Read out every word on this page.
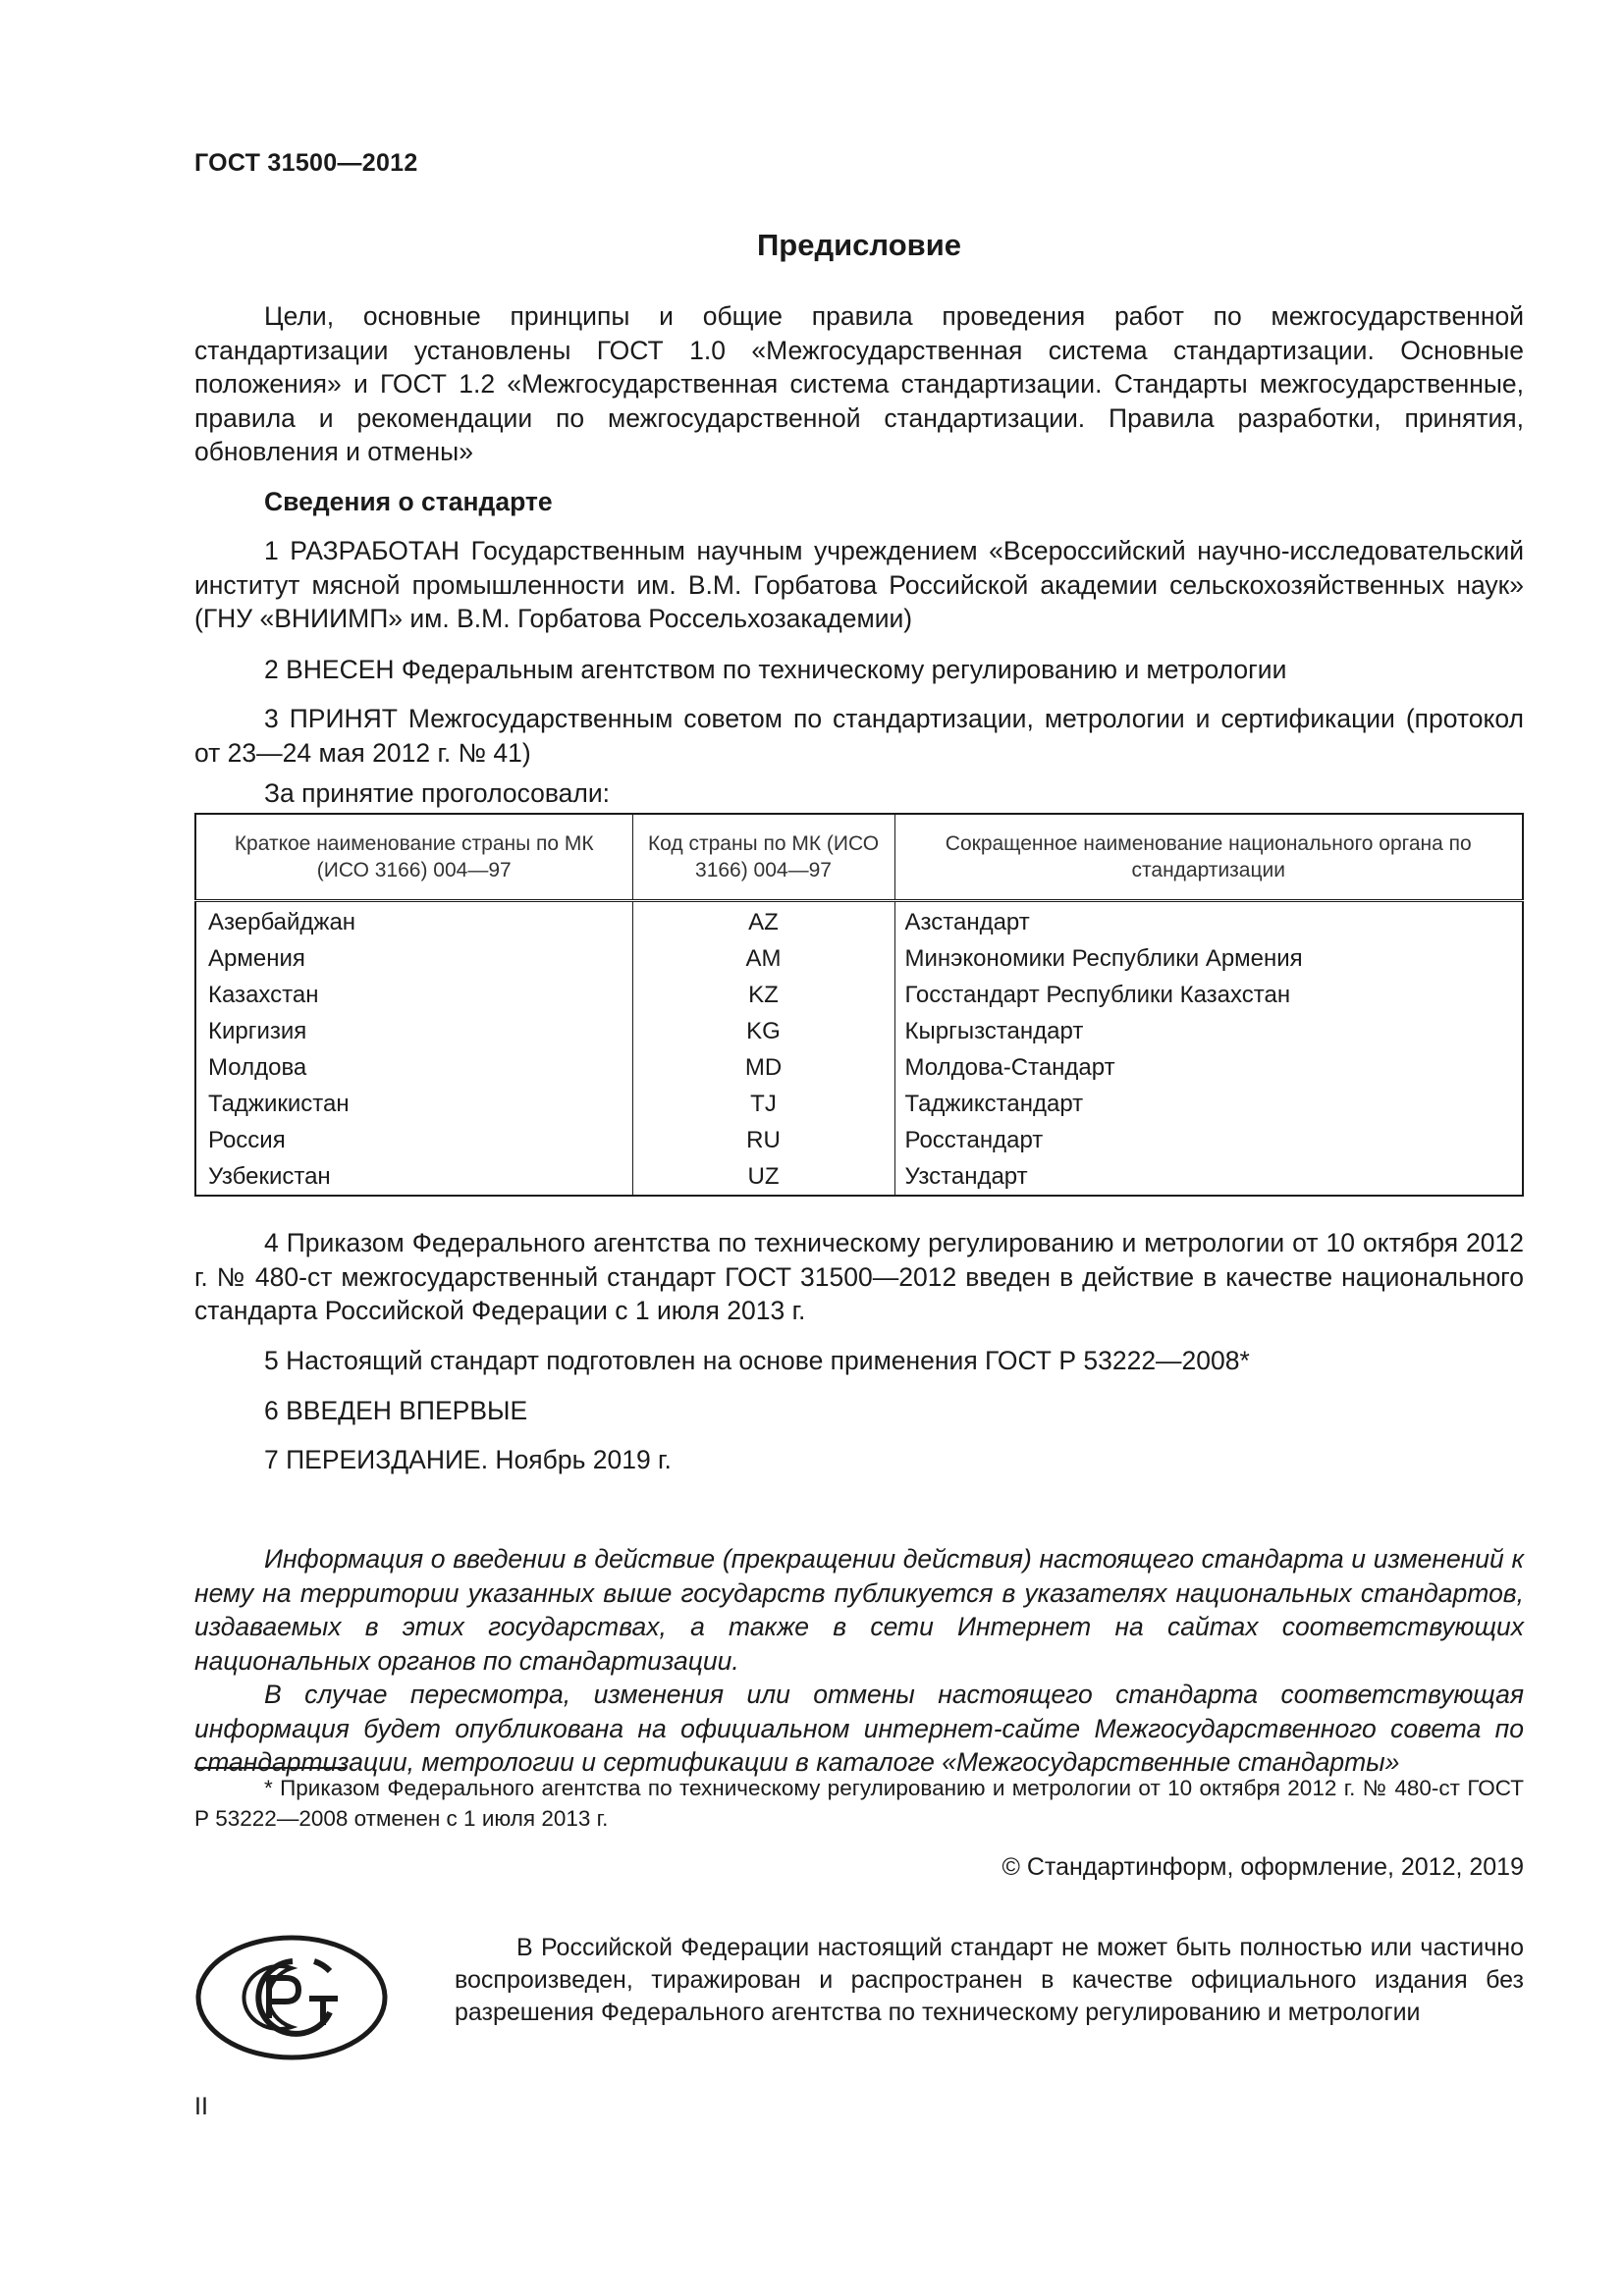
ГОСТ 31500—2012
Предисловие
Цели, основные принципы и общие правила проведения работ по межгосударственной стандартизации установлены ГОСТ 1.0 «Межгосударственная система стандартизации. Основные положения» и ГОСТ 1.2 «Межгосударственная система стандартизации. Стандарты межгосударственные, правила и рекомендации по межгосударственной стандартизации. Правила разработки, принятия, обновления и отмены»
Сведения о стандарте
1 РАЗРАБОТАН Государственным научным учреждением «Всероссийский научно-исследовательский институт мясной промышленности им. В.М. Горбатова Российской академии сельскохозяйственных наук» (ГНУ «ВНИИМП» им. В.М. Горбатова Россельхозакадемии)
2 ВНЕСЕН Федеральным агентством по техническому регулированию и метрологии
3 ПРИНЯТ Межгосударственным советом по стандартизации, метрологии и сертификации (протокол от 23—24 мая 2012 г. № 41)
За принятие проголосовали:
Краткое наименование страны по МК (ИСО 3166) 004—97	Код страны по МК (ИСО 3166) 004—97	Сокращенное наименование национального органа по стандартизации
Азербайджан	AZ	Азстандарт
Армения	AM	Минэкономики Республики Армения
Казахстан	KZ	Госстандарт Республики Казахстан
Киргизия	KG	Кыргызстандарт
Молдова	MD	Молдова-Стандарт
Таджикистан	TJ	Таджикстандарт
Россия	RU	Росстандарт
Узбекистан	UZ	Узстандарт
4 Приказом Федерального агентства по техническому регулированию и метрологии от 10 октября 2012 г. № 480-ст межгосударственный стандарт ГОСТ 31500—2012 введен в действие в качестве национального стандарта Российской Федерации с 1 июля 2013 г.
5 Настоящий стандарт подготовлен на основе применения ГОСТ Р 53222—2008*
6 ВВЕДЕН ВПЕРВЫЕ
7 ПЕРЕИЗДАНИЕ. Ноябрь 2019 г.
Информация о введении в действие (прекращении действия) настоящего стандарта и изменений к нему на территории указанных выше государств публикуется в указателях национальных стандартов, издаваемых в этих государствах, а также в сети Интернет на сайтах соответствующих национальных органов по стандартизации.
В случае пересмотра, изменения или отмены настоящего стандарта соответствующая информация будет опубликована на официальном интернет-сайте Межгосударственного совета по стандартизации, метрологии и сертификации в каталоге «Межгосударственные стандарты»
* Приказом Федерального агентства по техническому регулированию и метрологии от 10 октября 2012 г. № 480-ст ГОСТ Р 53222—2008 отменен с 1 июля 2013 г.
© Стандартинформ, оформление, 2012, 2019
В Российской Федерации настоящий стандарт не может быть полностью или частично воспроизведен, тиражирован и распространен в качестве официального издания без разрешения Федерального агентства по техническому регулированию и метрологии
II
